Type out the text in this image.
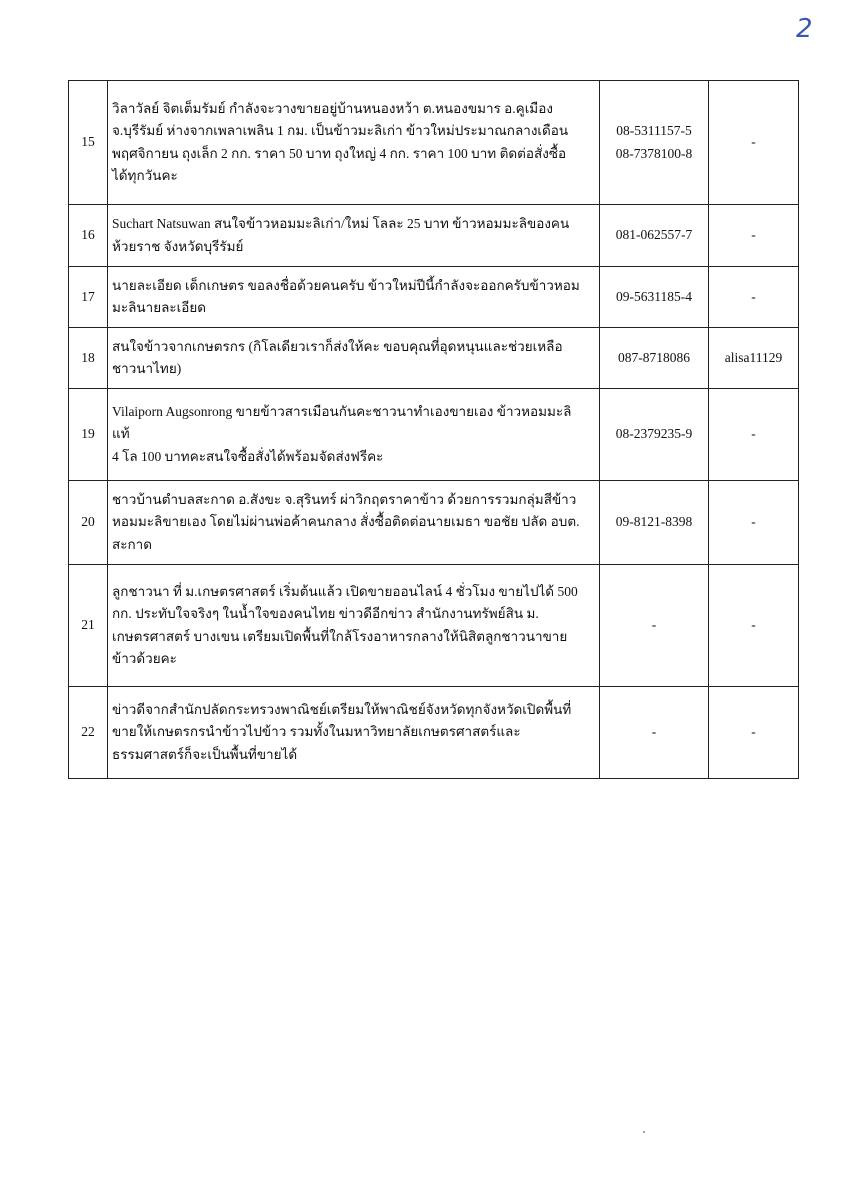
2
15	วิลาวัลย์ จิตเต็มรัมย์ กำลังจะวางขายอยู่บ้านหนองหว้า ต.หนองขมาร อ.คูเมือง
จ.บุรีรัมย์ ห่างจากเพลาเพลิน 1 กม. เป็นข้าวมะลิเก่า ข้าวใหม่ประมาณกลางเดือน
พฤศจิกายน ถุงเล็ก 2 กก. ราคา 50 บาท ถุงใหญ่ 4 กก. ราคา 100 บาท ติดต่อสั่งซื้อ
ได้ทุกวันคะ	08-5311157-5
08-7378100-8	-
16	Suchart Natsuwan สนใจข้าวหอมมะลิเก่า/ใหม่ โลละ 25 บาท ข้าวหอมมะลิของคน
ห้วยราช จังหวัดบุรีรัมย์	081-062557-7	-
17	นายละเอียด เด็กเกษตร ขอลงชื่อด้วยคนครับ ข้าวใหม่ปีนี้กำลังจะออกครับข้าวหอม
มะลินายละเอียด	09-5631185-4	-
18	สนใจข้าวจากเกษตรกร (กิโลเดียวเราก็ส่งให้คะ ขอบคุณที่อุดหนุนและช่วยเหลือ
ชาวนาไทย)	087-8718086	alisa11129
19	Vilaiporn Augsonrong ขายข้าวสารเมือนกันคะชาวนาทำเองขายเอง ข้าวหอมมะลิ
แท้
4 โล 100 บาทคะสนใจซื้อสั่งได้พร้อมจัดส่งฟรีคะ	08-2379235-9	-
20	ชาวบ้านตำบลสะกาด อ.สังขะ จ.สุรินทร์ ผ่าวิกฤตราคาข้าว ด้วยการรวมกลุ่มสีข้าว
หอมมะลิขายเอง โดยไม่ผ่านพ่อค้าคนกลาง สั่งซื้อติดต่อนายเมธา ขอชัย ปลัด อบต.
สะกาด	09-8121-8398	-
21	ลูกชาวนา ที่ ม.เกษตรศาสตร์ เริ่มต้นแล้ว เปิดขายออนไลน์ 4 ชั่วโมง ขายไปได้ 500
กก. ประทับใจจริงๆ ในน้ำใจของคนไทย ข่าวดีอีกข่าว สำนักงานทรัพย์สิน ม.
เกษตรศาสตร์ บางเขน เตรียมเปิดพื้นที่ใกล้โรงอาหารกลางให้นิสิตลูกชาวนาขาย
ข้าวด้วยคะ	-	-
22	ข่าวดีจากสำนักปลัดกระทรวงพาณิชย์เตรียมให้พาณิชย์จังหวัดทุกจังหวัดเปิดพื้นที่
ขายให้เกษตรกรนำข้าวไปข้าว รวมทั้งในมหาวิทยาลัยเกษตรศาสตร์และ
ธรรมศาสตร์ก็จะเป็นพื้นที่ขายได้	-	-
